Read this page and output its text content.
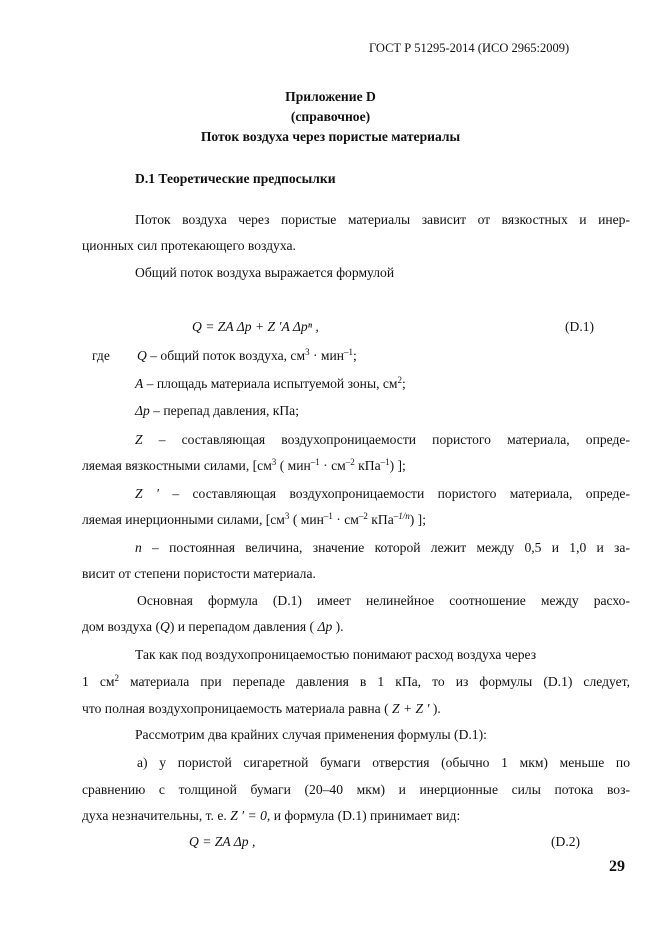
ГОСТ Р 51295-2014 (ИСО 2965:2009)
Приложение D
(справочное)
Поток воздуха через пористые материалы
D.1 Теоретические предпосылки
Поток воздуха через пористые материалы зависит от вязкостных и инер-
ционных сил протекающего воздуха.
Общий поток воздуха выражается формулой
Q = ZA Δp + Z ′A Δpⁿ ,	(D.1)
где Q – общий поток воздуха, $см^3 \cdot мин^{-1}$;
A – площадь материала испытуемой зоны, $см^2$;
Δp – перепад давления, кПа;
Z – составляющая воздухопроницаемости пористого материала, опреде-
ляемая вязкостными силами, [$см^3$ ( $мин^{-1} \cdot см^{-2}$ кПа$^{-1}$) ];
Z ′ – составляющая воздухопроницаемости пористого материала, опреде-
ляемая инерционными силами, [$см^3$ ( $мин^{-1} \cdot см^{-2}$ кПа$^{-1/n}$) ];
n – постоянная величина, значение которой лежит между 0,5 и 1,0 и за-
висит от степени пористости материала.
Основная формула (D.1) имеет нелинейное соотношение между расхо-
дом воздуха (Q) и перепадом давления ( Δp ).
Так как под воздухопроницаемостью понимают расход воздуха через
1 $см^2$ материала при перепаде давления в 1 кПа, то из формулы (D.1) следует,
что полная воздухопроницаемость материала равна ( Z + Z ′ ).
Рассмотрим два крайних случая применения формулы (D.1):
а) у пористой сигаретной бумаги отверстия (обычно 1 мкм) меньше по
сравнению с толщиной бумаги (20–40 мкм) и инерционные силы потока воз-
духа незначительны, т. е. Z ′ = 0, и формула (D.1) принимает вид:
Q = ZA Δp ,	(D.2)
29
